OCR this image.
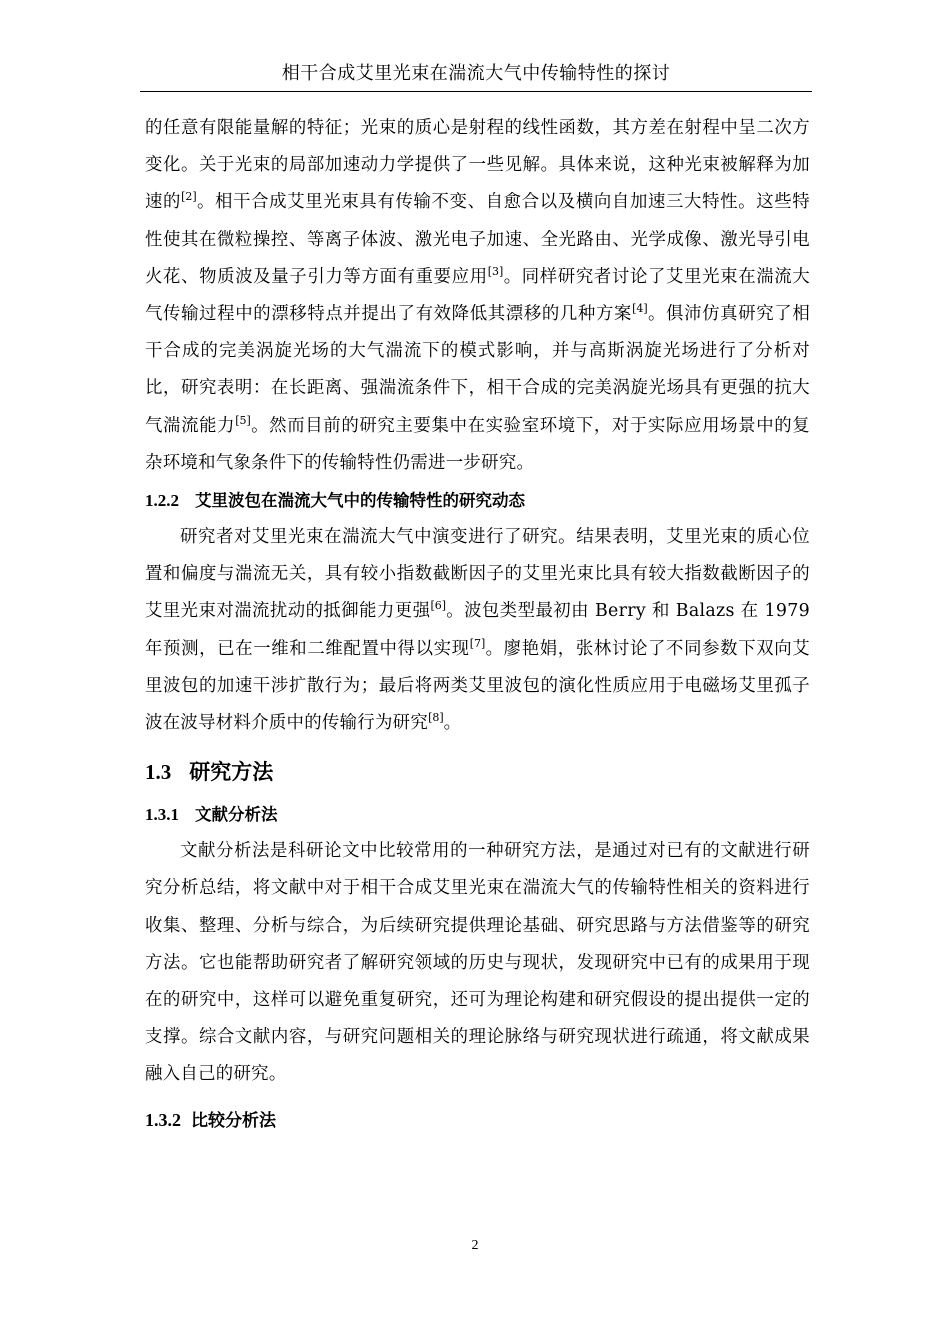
相干合成艾里光束在湍流大气中传输特性的探讨

的任意有限能量解的特征；光束的质心是射程的线性函数，其方差在射程中呈二次方变化。关于光束的局部加速动力学提供了一些见解。具体来说，这种光束被解释为加速的[2]。相干合成艾里光束具有传输不变、自愈合以及横向自加速三大特性。这些特性使其在微粒操控、等离子体波、激光电子加速、全光路由、光学成像、激光导引电火花、物质波及量子引力等方面有重要应用[3]。同样研究者讨论了艾里光束在湍流大气传输过程中的漂移特点并提出了有效降低其漂移的几种方案[4]。俱沛仿真研究了相干合成的完美涡旋光场的大气湍流下的模式影响，并与高斯涡旋光场进行了分析对比，研究表明：在长距离、强湍流条件下，相干合成的完美涡旋光场具有更强的抗大气湍流能力[5]。然而目前的研究主要集中在实验室环境下，对于实际应用场景中的复杂环境和气象条件下的传输特性仍需进一步研究。

1.2.2 艾里波包在湍流大气中的传输特性的研究动态

研究者对艾里光束在湍流大气中演变进行了研究。结果表明，艾里光束的质心位置和偏度与湍流无关，具有较小指数截断因子的艾里光束比具有较大指数截断因子的艾里光束对湍流扰动的抵御能力更强[6]。波包类型最初由 Berry 和 Balazs 在 1979 年预测，已在一维和二维配置中得以实现[7]。廖艳娟，张林讨论了不同参数下双向艾里波包的加速干涉扩散行为；最后将两类艾里波包的演化性质应用于电磁场艾里孤子波在波导材料介质中的传输行为研究[8]。

1.3 研究方法
1.3.1 文献分析法

文献分析法是科研论文中比较常用的一种研究方法，是通过对已有的文献进行研究分析总结，将文献中对于相干合成艾里光束在湍流大气的传输特性相关的资料进行收集、整理、分析与综合，为后续研究提供理论基础、研究思路与方法借鉴等的研究方法。它也能帮助研究者了解研究领域的历史与现状，发现研究中已有的成果用于现在的研究中，这样可以避免重复研究，还可为理论构建和研究假设的提出提供一定的支撑。综合文献内容，与研究问题相关的理论脉络与研究现状进行疏通，将文献成果融入自己的研究。

1.3.2 比较分析法
2
